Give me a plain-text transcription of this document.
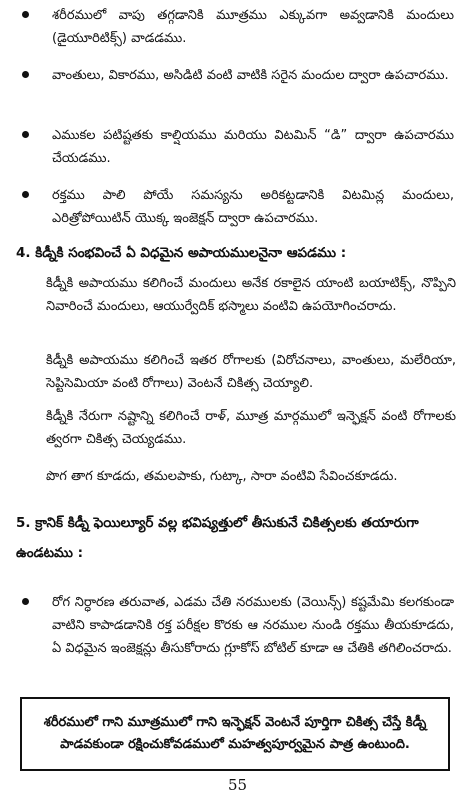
శరీరములో వాపు తగ్గడానికి మూత్రము ఎక్కువగా అవ్వడానికి మందులు (డైయూరిటిక్స్) వాడడము.
వాంతులు, వికారము, అసిడిటి వంటి వాటికి సరైన మందుల ద్వారా ఉపచారము.
ఎముకల పటిష్టతకు కాల్షియము మరియు విటమిన్ “డి” ద్వారా ఉపచారము చేయడము.
రక్తము పాలి పోయే సమస్యను అరికట్టడానికి విటమిన్ల మందులు, ఎరిత్రోపోయిటిన్ యొక్క ఇంజెక్షన్ ద్వారా ఉపచారము.
4. కిడ్నీకి సంభవించే ఏ విధమైన అపాయములనైనా ఆపడము :
కిడ్నీకి అపాయము కలిగించే మందులు అనేక రకాలైన యాంటి బయాటిక్స్, నొప్పిని నివారించే మందులు, ఆయుర్వేదిక్ భస్మాలు వంటివి ఉపయోగించరాదు.
కిడ్నీకి అపాయము కలిగించే ఇతర రోగాలకు (విరోచనాలు, వాంతులు, మలేరియా, సెప్టిసెమియా వంటి రోగాలు) వెంటనే చికిత్స చెయ్యాలి.
కిడ్నీకి నేరుగా నష్టాన్ని కలిగించే రాళ్, మూత్ర మార్గములో ఇన్ఫెక్షన్ వంటి రోగాలకు త్వరగా చికిత్స చెయ్యడము.
పొగ తాగ కూడదు, తమలపాకు, గుట్కా, సారా వంటివి సేవించకూడదు.
5. క్రానిక్ కిడ్నీ ఫెయిల్యూర్ వల్ల భవిష్యత్తులో తీసుకునే చికిత్సలకు తయారుగా
ఉండటము :
రోగ నిర్ధారణ తరువాత, ఎడమ చేతి నరములకు (వెయిన్స్) కష్టమేమి కలగకుండా వాటిని కాపాడడానికి రక్త పరీక్షల కొరకు ఆ నరముల నుండి రక్తము తీయకూడదు, ఏ విధమైన ఇంజెక్షన్లు తీసుకోరాదు గ్లూకోస్ బోటిల్ కూడా ఆ చేతికి తగిలించరాదు.
శరీరములో గాని మూత్రములో గాని ఇన్ఫెక్షన్ వెంటనే పూర్తిగా చికిత్స చేస్తే కిడ్నీ పాడవకుండా రక్షించుకోవడములో మహత్వపూర్వమైన పాత్ర ఉంటుంది.
55
